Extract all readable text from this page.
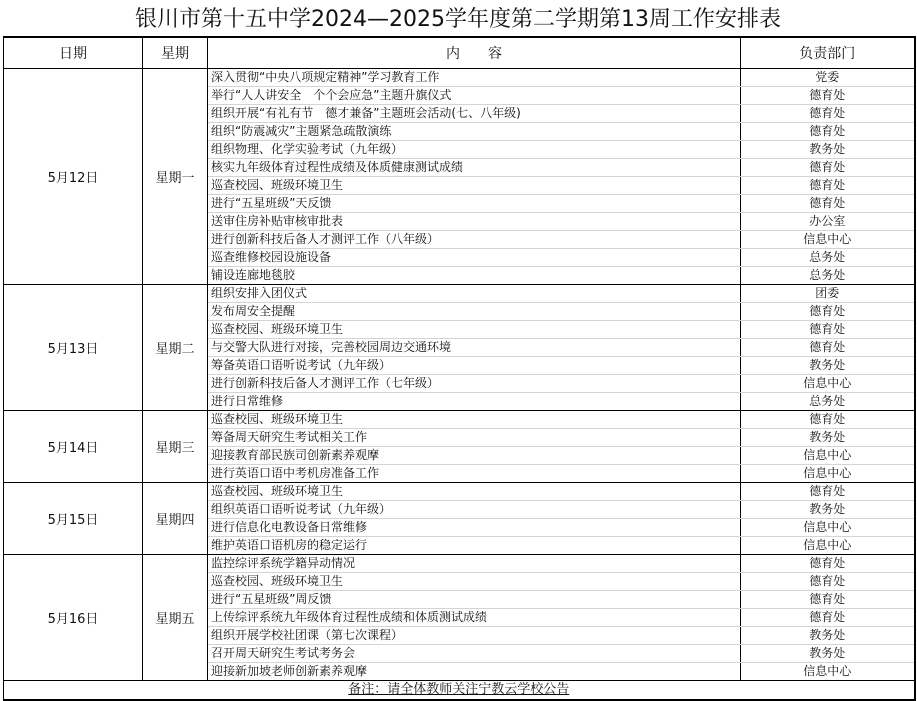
银川市第十五中学2024—2025学年度第二学期第13周工作安排表
日期	星期	内　　容	负责部门
5月12日	星期一	深入贯彻“中央八项规定精神”学习教育工作	党委
		举行“人人讲安全　个个会应急”主题升旗仪式	德育处
		组织开展“有礼有节　德才兼备”主题班会活动(七、八年级)	德育处
		组织“防震减灾”主题紧急疏散演练	德育处
		组织物理、化学实验考试（九年级）	教务处
		核实九年级体育过程性成绩及体质健康测试成绩	德育处
		巡查校园、班级环境卫生	德育处
		进行“五星班级”天反馈	德育处
		送审住房补贴审核审批表	办公室
		进行创新科技后备人才测评工作（八年级）	信息中心
		巡查维修校园设施设备	总务处
		铺设连廊地毯胶	总务处
5月13日	星期二	组织安排入团仪式	团委
		发布周安全提醒	德育处
		巡查校园、班级环境卫生	德育处
		与交警大队进行对接，完善校园周边交通环境	德育处
		筹备英语口语听说考试（九年级）	教务处
		进行创新科技后备人才测评工作（七年级）	信息中心
		进行日常维修	总务处
5月14日	星期三	巡查校园、班级环境卫生	德育处
		筹备周天研究生考试相关工作	教务处
		迎接教育部民族司创新素养观摩	信息中心
		进行英语口语中考机房准备工作	信息中心
5月15日	星期四	巡查校园、班级环境卫生	德育处
		组织英语口语听说考试（九年级）	教务处
		进行信息化电教设备日常维修	信息中心
		维护英语口语机房的稳定运行	信息中心
5月16日	星期五	监控综评系统学籍异动情况	德育处
		巡查校园、班级环境卫生	德育处
		进行“五星班级”周反馈	德育处
		上传综评系统九年级体育过程性成绩和体质测试成绩	德育处
		组织开展学校社团课（第七次课程）	教务处
		召开周天研究生考试考务会	教务处
		迎接新加坡老师创新素养观摩	信息中心
备注：请全体教师关注宁教云学校公告			
